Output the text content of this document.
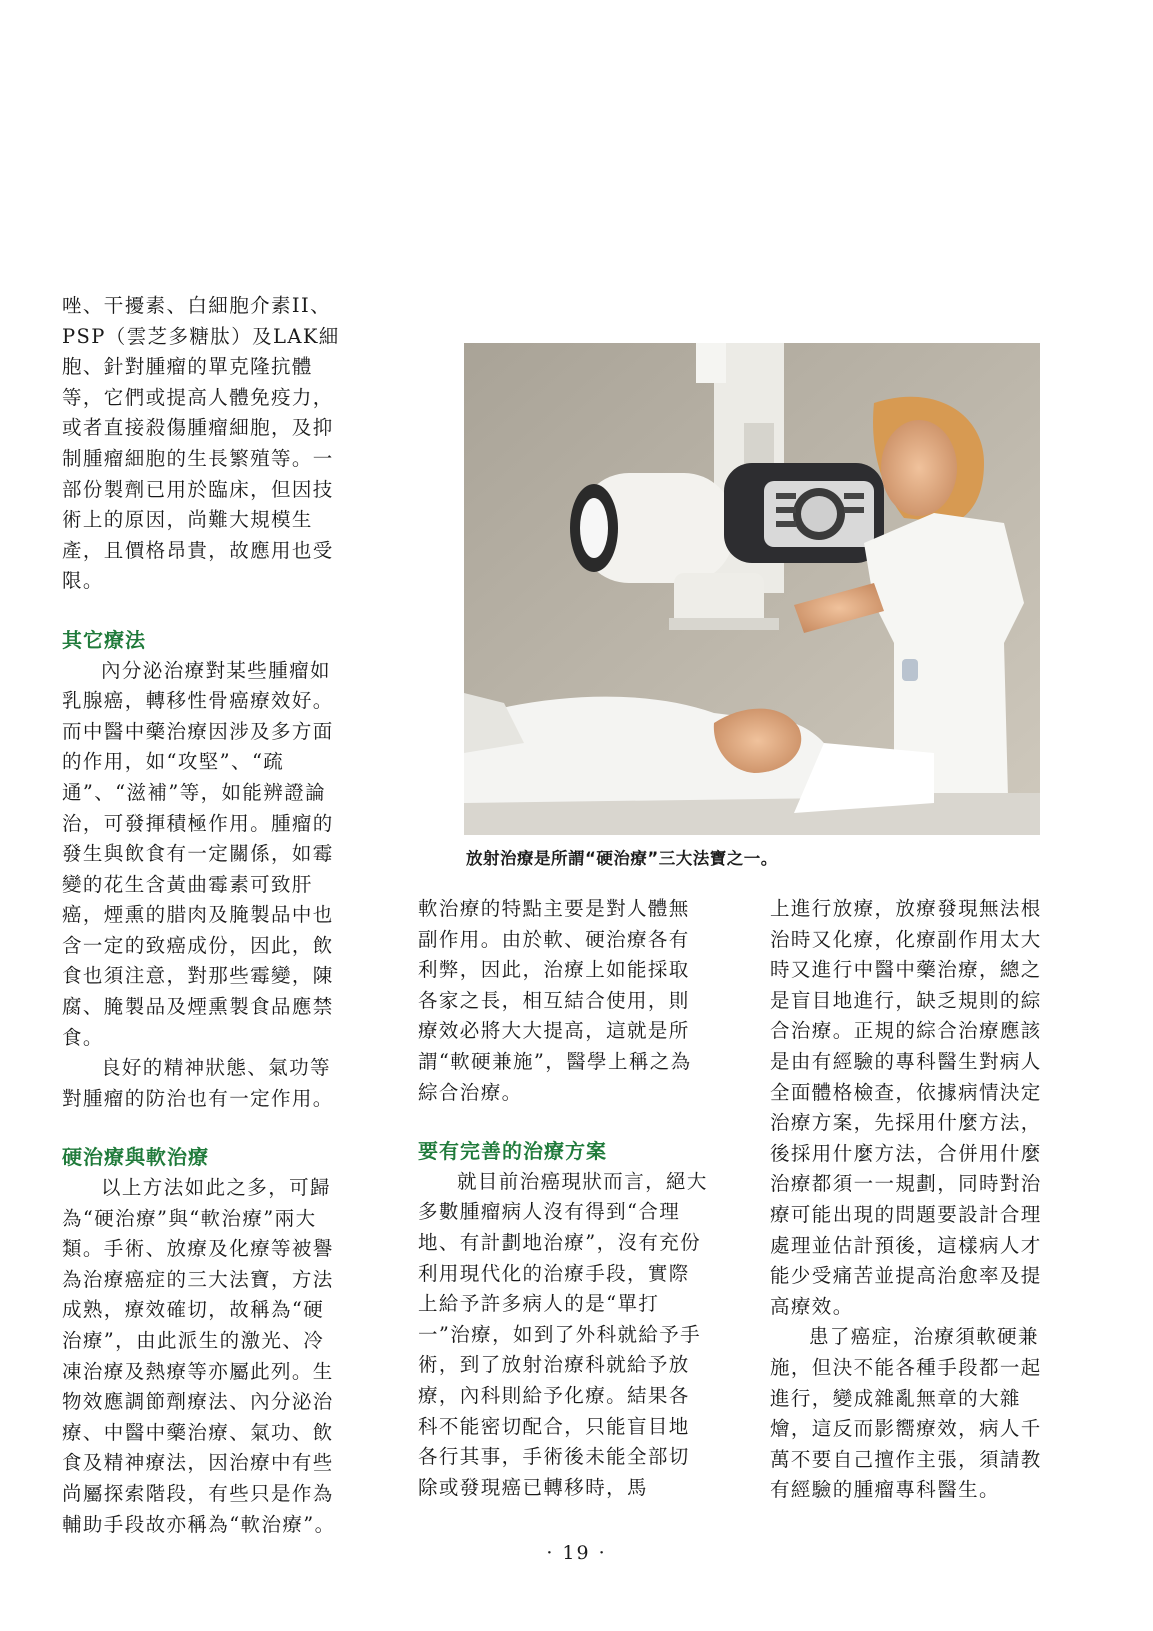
唑、干擾素、白細胞介素II、PSP（雲芝多糖肽）及LAK細胞、針對腫瘤的單克隆抗體等，它們或提高人體免疫力，或者直接殺傷腫瘤細胞，及抑制腫瘤細胞的生長繁殖等。一部份製劑已用於臨床，但因技術上的原因，尚難大規模生產，且價格昂貴，故應用也受限。

其它療法

內分泌治療對某些腫瘤如乳腺癌，轉移性骨癌療效好。而中醫中藥治療因涉及多方面的作用，如“攻堅”、“疏通”、“滋補”等，如能辨證論治，可發揮積極作用。腫瘤的發生與飲食有一定關係，如霉變的花生含黃曲霉素可致肝癌，煙熏的腊肉及腌製品中也含一定的致癌成份，因此，飲食也須注意，對那些霉變，陳腐、腌製品及煙熏製食品應禁食。

良好的精神狀態、氣功等對腫瘤的防治也有一定作用。

硬治療與軟治療

以上方法如此之多，可歸為“硬治療”與“軟治療”兩大類。手術、放療及化療等被譽為治療癌症的三大法寶，方法成熟，療效確切，故稱為“硬治療”，由此派生的激光、冷凍治療及熱療等亦屬此列。生物效應調節劑療法、內分泌治療、中醫中藥治療、氣功、飲食及精神療法，因治療中有些尚屬探索階段，有些只是作為輔助手段故亦稱為“軟治療”。

放射治療是所謂“硬治療”三大法寶之一。

軟治療的特點主要是對人體無副作用。由於軟、硬治療各有利弊，因此，治療上如能採取各家之長，相互結合使用，則療效必將大大提高，這就是所謂“軟硬兼施”，醫學上稱之為綜合治療。

要有完善的治療方案

就目前治癌現狀而言，絕大多數腫瘤病人沒有得到“合理地、有計劃地治療”，沒有充份利用現代化的治療手段，實際上給予許多病人的是“單打一”治療，如到了外科就給予手術，到了放射治療科就給予放療，內科則給予化療。結果各科不能密切配合，只能盲目地各行其事，手術後未能全部切除或發現癌已轉移時，馬

上進行放療，放療發現無法根治時又化療，化療副作用太大時又進行中醫中藥治療，總之是盲目地進行，缺乏規則的綜合治療。正規的綜合治療應該是由有經驗的專科醫生對病人全面體格檢查，依據病情決定治療方案，先採用什麼方法，後採用什麼方法，合併用什麼治療都須一一規劃，同時對治療可能出現的問題要設計合理處理並估計預後，這樣病人才能少受痛苦並提高治愈率及提高療效。

患了癌症，治療須軟硬兼施，但決不能各種手段都一起進行，變成雜亂無章的大雜燴，這反而影嚮療效，病人千萬不要自己擅作主張，須請教有經驗的腫瘤專科醫生。

· 19 ·
